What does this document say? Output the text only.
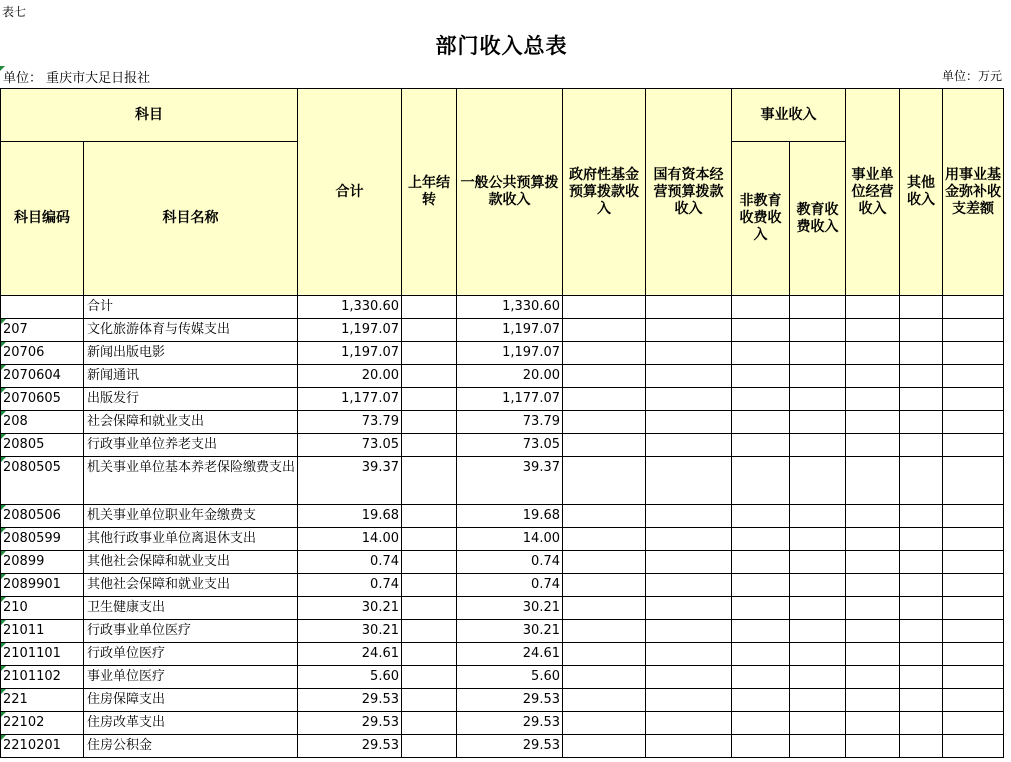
表七
部门收入总表
单位： 重庆市大足日报社	单位：万元
科目		合计	上年结转	一般公共预算拨款收入	政府性基金预算拨款收入	国有资本经营预算拨款收入	事业收入		事业单位经营收入	其他收入	用事业基金弥补收支差额
科目编码	科目名称						非教育收费收入	教育收费收入			
	合计	1,330.60		1,330.60							
207	文化旅游体育与传媒支出	1,197.07		1,197.07							
20706	新闻出版电影	1,197.07		1,197.07							
2070604	新闻通讯	20.00		20.00							
2070605	出版发行	1,177.07		1,177.07							
208	社会保障和就业支出	73.79		73.79							
20805	行政事业单位养老支出	73.05		73.05							
2080505	机关事业单位基本养老保险缴费支出	39.37		39.37							
2080506	机关事业单位职业年金缴费支	19.68		19.68							
2080599	其他行政事业单位离退休支出	14.00		14.00							
20899	其他社会保障和就业支出	0.74		0.74							
2089901	其他社会保障和就业支出	0.74		0.74							
210	卫生健康支出	30.21		30.21							
21011	行政事业单位医疗	30.21		30.21							
2101101	行政单位医疗	24.61		24.61							
2101102	事业单位医疗	5.60		5.60							
221	住房保障支出	29.53		29.53							
22102	住房改革支出	29.53		29.53							
2210201	住房公积金	29.53		29.53							
